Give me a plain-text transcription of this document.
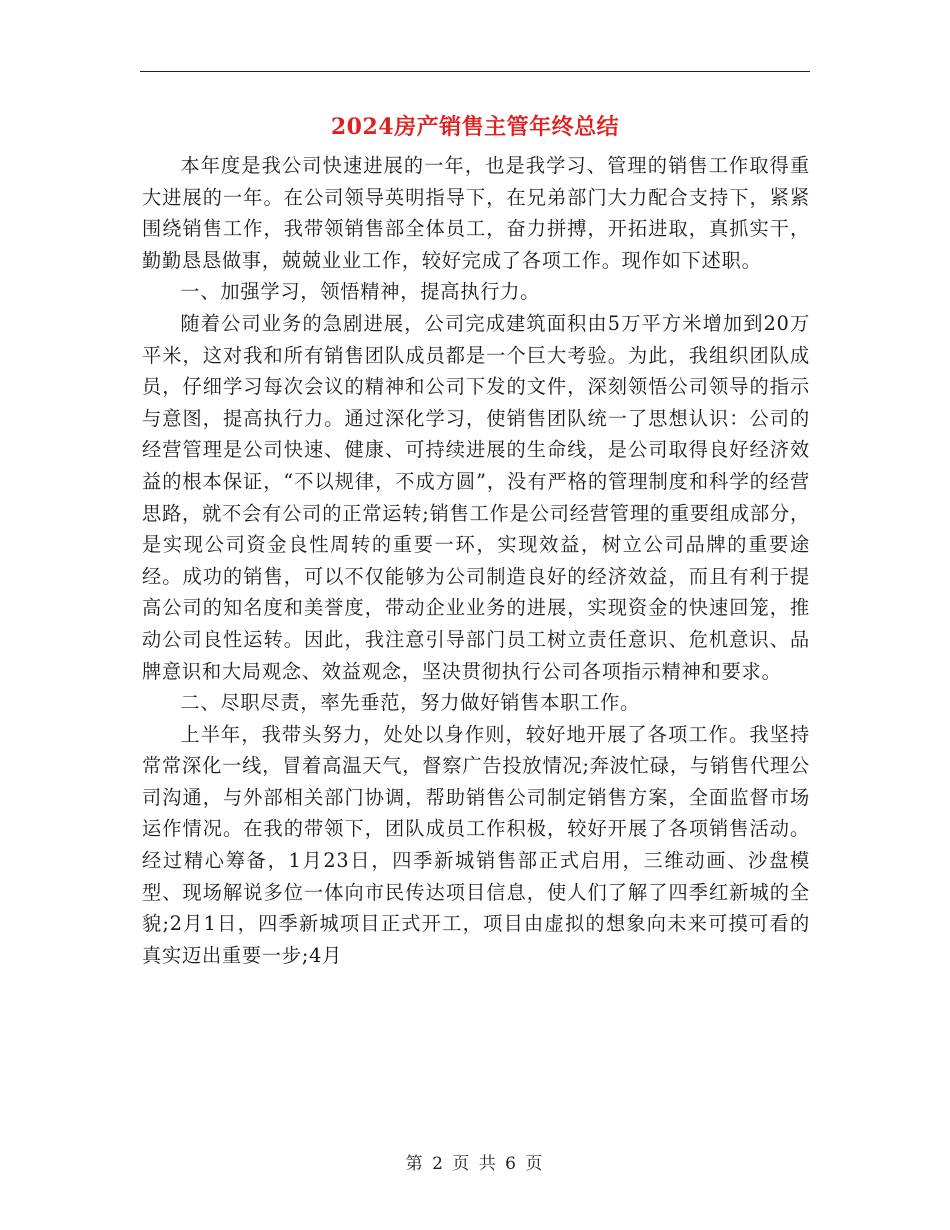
2024房产销售主管年终总结

本年度是我公司快速进展的一年，也是我学习、管理的销售工作取得重大进展的一年。在公司领导英明指导下，在兄弟部门大力配合支持下，紧紧围绕销售工作，我带领销售部全体员工，奋力拼搏，开拓进取，真抓实干，勤勤恳恳做事，兢兢业业工作，较好完成了各项工作。现作如下述职。

一、加强学习，领悟精神，提高执行力。

随着公司业务的急剧进展，公司完成建筑面积由5万平方米增加到20万平米，这对我和所有销售团队成员都是一个巨大考验。为此，我组织团队成员，仔细学习每次会议的精神和公司下发的文件，深刻领悟公司领导的指示与意图，提高执行力。通过深化学习，使销售团队统一了思想认识：公司的经营管理是公司快速、健康、可持续进展的生命线，是公司取得良好经济效益的根本保证，“不以规律，不成方圆”，没有严格的管理制度和科学的经营思路，就不会有公司的正常运转;销售工作是公司经营管理的重要组成部分，是实现公司资金良性周转的重要一环，实现效益，树立公司品牌的重要途经。成功的销售，可以不仅能够为公司制造良好的经济效益，而且有利于提高公司的知名度和美誉度，带动企业业务的进展，实现资金的快速回笼，推动公司良性运转。因此，我注意引导部门员工树立责任意识、危机意识、品牌意识和大局观念、效益观念，坚决贯彻执行公司各项指示精神和要求。

二、尽职尽责，率先垂范，努力做好销售本职工作。

上半年，我带头努力，处处以身作则，较好地开展了各项工作。我坚持常常深化一线，冒着高温天气，督察广告投放情况;奔波忙碌，与销售代理公司沟通，与外部相关部门协调，帮助销售公司制定销售方案，全面监督市场运作情况。在我的带领下，团队成员工作积极，较好开展了各项销售活动。经过精心筹备，1月23日，四季新城销售部正式启用，三维动画、沙盘模型、现场解说多位一体向市民传达项目信息，使人们了解了四季红新城的全貌;2月1日，四季新城项目正式开工，项目由虚拟的想象向未来可摸可看的真实迈出重要一步;4月

第 2 页 共 6 页
